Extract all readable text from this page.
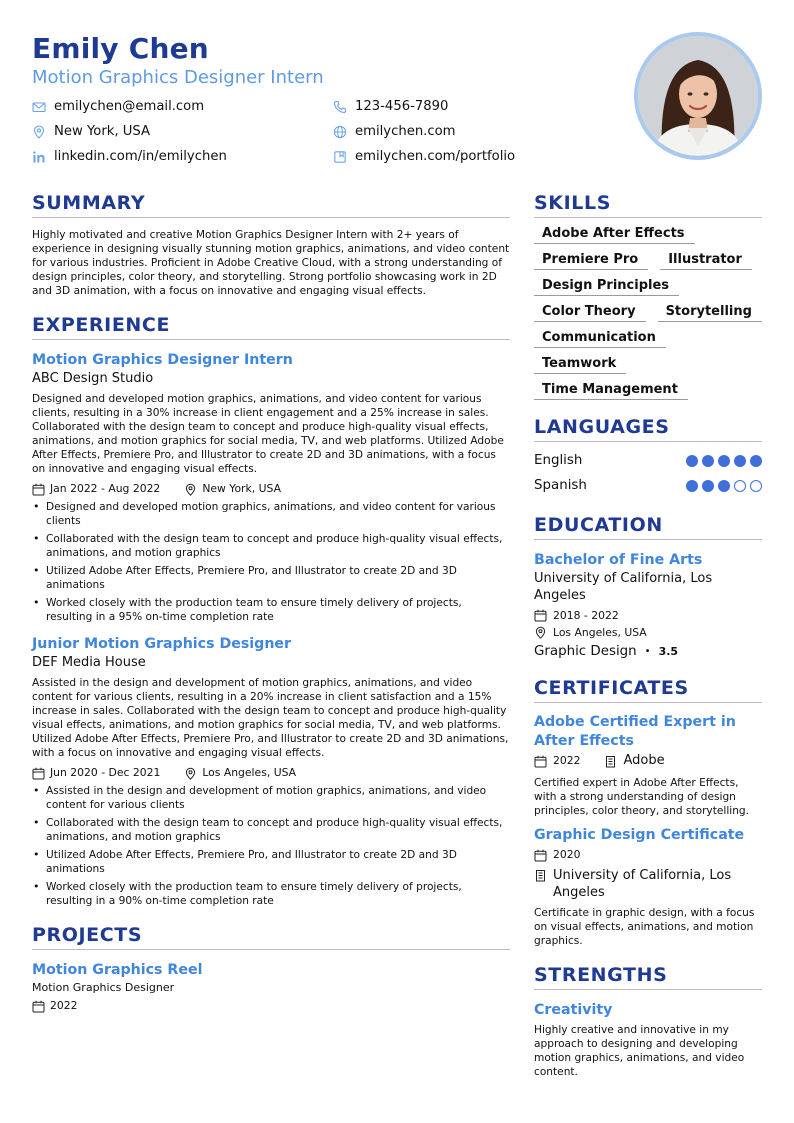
Emily Chen
Motion Graphics Designer Intern
emilychen@email.com	123-456-7890
New York, USA	emilychen.com
linkedin.com/in/emilychen	emilychen.com/portfolio
SUMMARY

Highly motivated and creative Motion Graphics Designer Intern with 2+ years of experience in designing visually stunning motion graphics, animations, and video content for various industries. Proficient in Adobe Creative Cloud, with a strong understanding of design principles, color theory, and storytelling. Strong portfolio showcasing work in 2D and 3D animation, with a focus on innovative and engaging visual effects.

EXPERIENCE
Motion Graphics Designer Intern
ABC Design Studio

Designed and developed motion graphics, animations, and video content for various clients, resulting in a 30% increase in client engagement and a 25% increase in sales. Collaborated with the design team to concept and produce high-quality visual effects, animations, and motion graphics for social media, TV, and web platforms. Utilized Adobe After Effects, Premiere Pro, and Illustrator to create 2D and 3D animations, with a focus on innovative and engaging visual effects.

Jan 2022 - Aug 2022	New York, USA
• Designed and developed motion graphics, animations, and video content for various clients
• Collaborated with the design team to concept and produce high-quality visual effects, animations, and motion graphics
• Utilized Adobe After Effects, Premiere Pro, and Illustrator to create 2D and 3D animations
• Worked closely with the production team to ensure timely delivery of projects, resulting in a 95% on-time completion rate
Junior Motion Graphics Designer
DEF Media House

Assisted in the design and development of motion graphics, animations, and video content for various clients, resulting in a 20% increase in client satisfaction and a 15% increase in sales. Collaborated with the design team to concept and produce high-quality visual effects, animations, and motion graphics for social media, TV, and web platforms. Utilized Adobe After Effects, Premiere Pro, and Illustrator to create 2D and 3D animations, with a focus on innovative and engaging visual effects.

Jun 2020 - Dec 2021	Los Angeles, USA
• Assisted in the design and development of motion graphics, animations, and video content for various clients
• Collaborated with the design team to concept and produce high-quality visual effects, animations, and motion graphics
• Utilized Adobe After Effects, Premiere Pro, and Illustrator to create 2D and 3D animations
• Worked closely with the production team to ensure timely delivery of projects, resulting in a 90% on-time completion rate
PROJECTS
Motion Graphics Reel
Motion Graphics Designer
2022
SKILLS
Adobe After Effects
Premiere Pro	Illustrator
Design Principles
Color Theory	Storytelling
Communication
Teamwork
Time Management
LANGUAGES
English
Spanish
EDUCATION
Bachelor of Fine Arts
University of California, Los Angeles
2018 - 2022
Los Angeles, USA
Graphic Design • 3.5
CERTIFICATES
Adobe Certified Expert in After Effects
2022	Adobe

Certified expert in Adobe After Effects, with a strong understanding of design principles, color theory, and storytelling.

Graphic Design Certificate
2020
University of California, Los Angeles

Certificate in graphic design, with a focus on visual effects, animations, and motion graphics.

STRENGTHS
Creativity

Highly creative and innovative in my approach to designing and developing motion graphics, animations, and video content.
